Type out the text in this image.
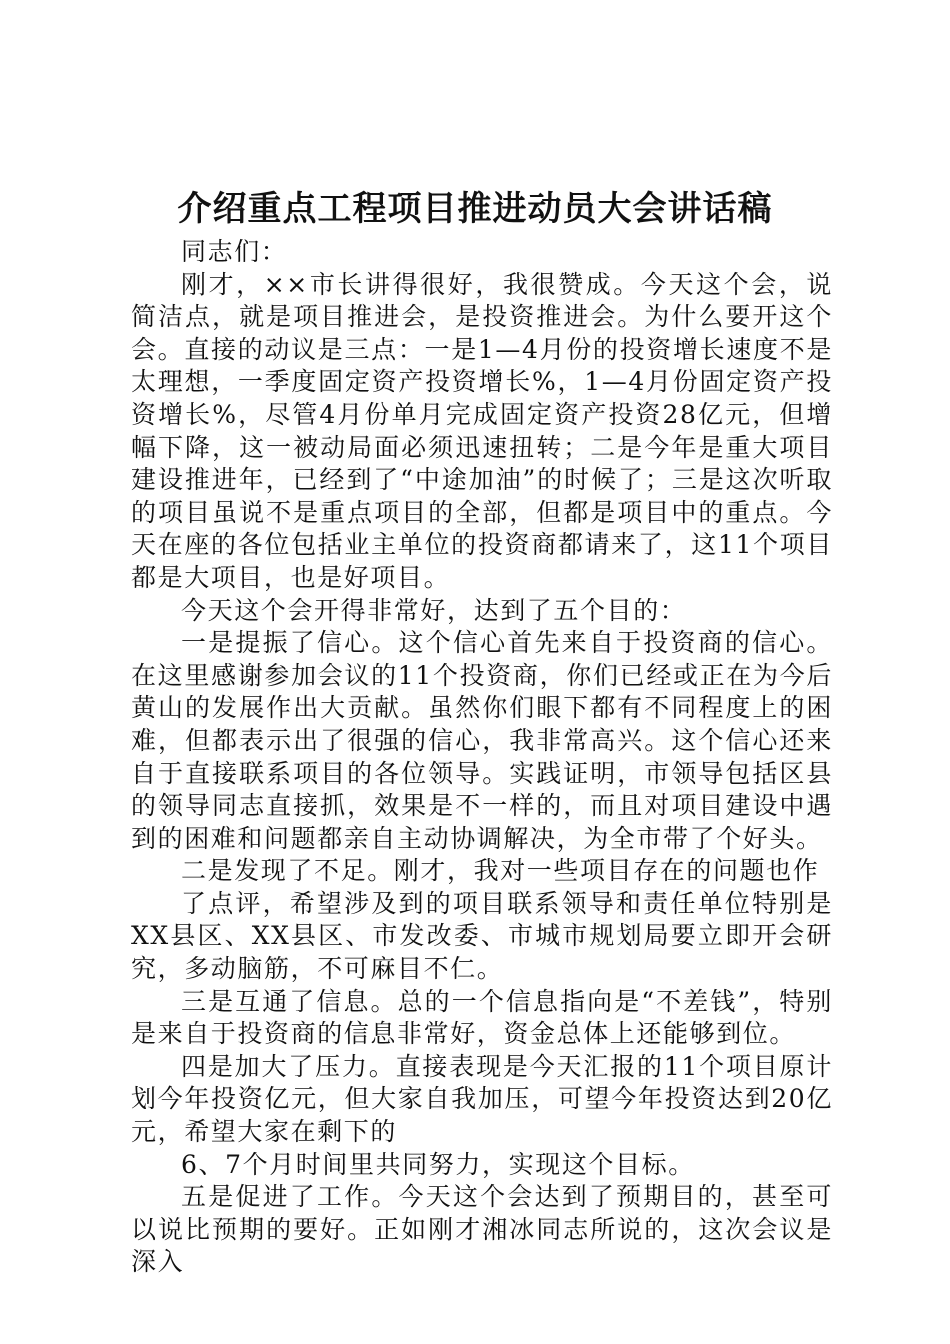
介绍重点工程项目推进动员大会讲话稿

同志们：

刚才，××市长讲得很好，我很赞成。今天这个会，说简洁点，就是项目推进会，是投资推进会。为什么要开这个会。直接的动议是三点：一是1—4月份的投资增长速度不是太理想，一季度固定资产投资增长%，1—4月份固定资产投资增长%，尽管4月份单月完成固定资产投资28亿元，但增幅下降，这一被动局面必须迅速扭转；二是今年是重大项目建设推进年，已经到了“中途加油”的时候了；三是这次听取的项目虽说不是重点项目的全部，但都是项目中的重点。今天在座的各位包括业主单位的投资商都请来了，这11个项目都是大项目，也是好项目。

今天这个会开得非常好，达到了五个目的：

一是提振了信心。这个信心首先来自于投资商的信心。在这里感谢参加会议的11个投资商，你们已经或正在为今后黄山的发展作出大贡献。虽然你们眼下都有不同程度上的困难，但都表示出了很强的信心，我非常高兴。这个信心还来自于直接联系项目的各位领导。实践证明，市领导包括区县的领导同志直接抓，效果是不一样的，而且对项目建设中遇到的困难和问题都亲自主动协调解决，为全市带了个好头。

二是发现了不足。刚才，我对一些项目存在的问题也作

了点评，希望涉及到的项目联系领导和责任单位特别是XX县区、XX县区、市发改委、市城市规划局要立即开会研究，多动脑筋，不可麻目不仁。

三是互通了信息。总的一个信息指向是“不差钱”，特别是来自于投资商的信息非常好，资金总体上还能够到位。

四是加大了压力。直接表现是今天汇报的11个项目原计划今年投资亿元，但大家自我加压，可望今年投资达到20亿元，希望大家在剩下的

6、7个月时间里共同努力，实现这个目标。

五是促进了工作。今天这个会达到了预期目的，甚至可以说比预期的要好。正如刚才湘冰同志所说的，这次会议是深入
